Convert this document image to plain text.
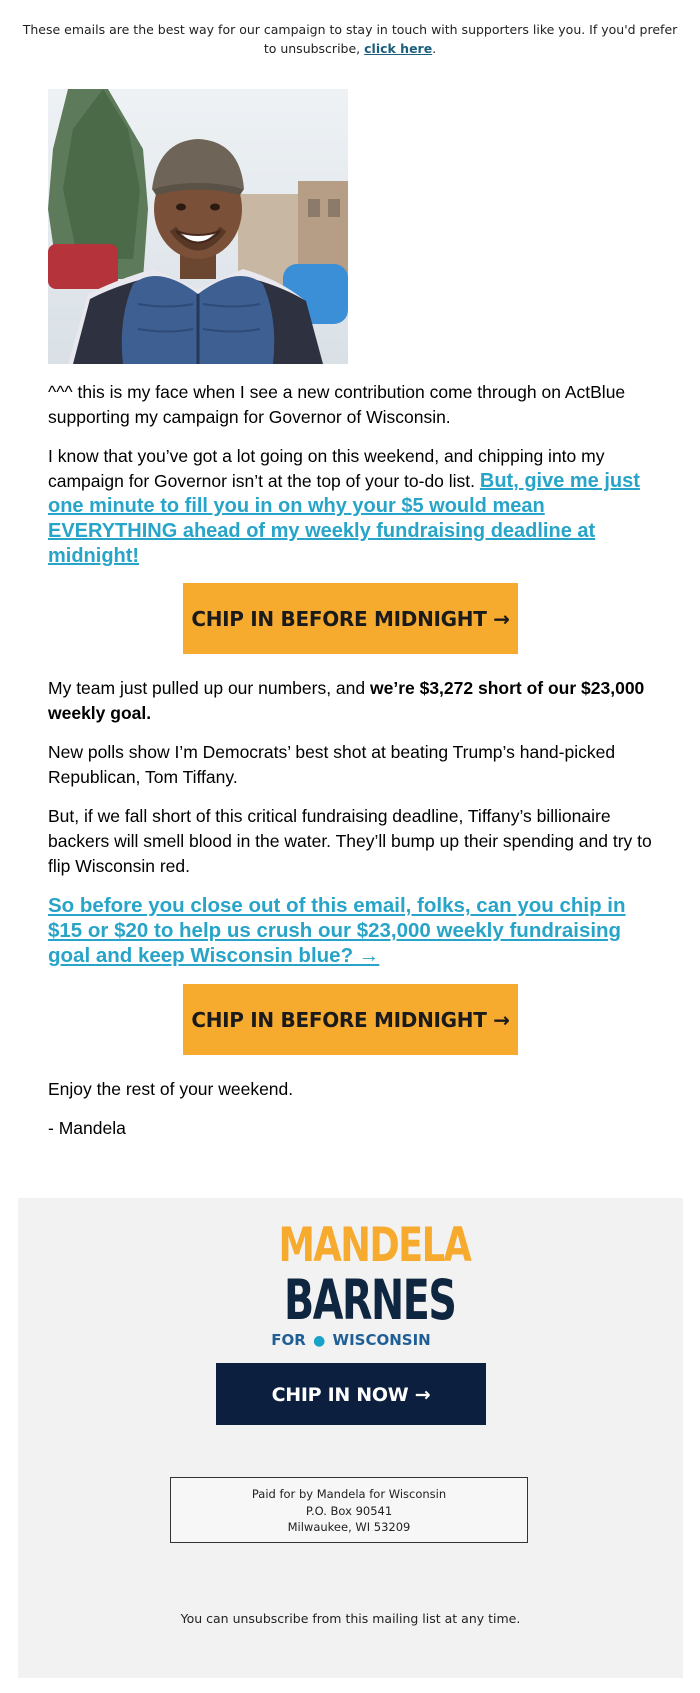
These emails are the best way for our campaign to stay in touch with supporters like you. If you'd prefer to unsubscribe, click here.

^^^ this is my face when I see a new contribution come through on ActBlue supporting my campaign for Governor of Wisconsin.

I know that you’ve got a lot going on this weekend, and chipping into my campaign for Governor isn’t at the top of your to-do list. But, give me just one minute to fill you in on why your $5 would mean EVERYTHING ahead of my weekly fundraising deadline at midnight!

CHIP IN BEFORE MIDNIGHT →

My team just pulled up our numbers, and we’re $3,272 short of our $23,000 weekly goal.

New polls show I’m Democrats’ best shot at beating Trump’s hand-picked Republican, Tom Tiffany.

But, if we fall short of this critical fundraising deadline, Tiffany’s billionaire backers will smell blood in the water. They’ll bump up their spending and try to flip Wisconsin red.

So before you close out of this email, folks, can you chip in $15 or $20 to help us crush our $23,000 weekly fundraising goal and keep Wisconsin blue? →
CHIP IN BEFORE MIDNIGHT →

Enjoy the rest of your weekend.

- Mandela

MANDELA
BARNES
FOR ● WISCONSIN
CHIP IN NOW →
Paid for by Mandela for Wisconsin
P.O. Box 90541
Milwaukee, WI 53209
You can unsubscribe from this mailing list at any time.
